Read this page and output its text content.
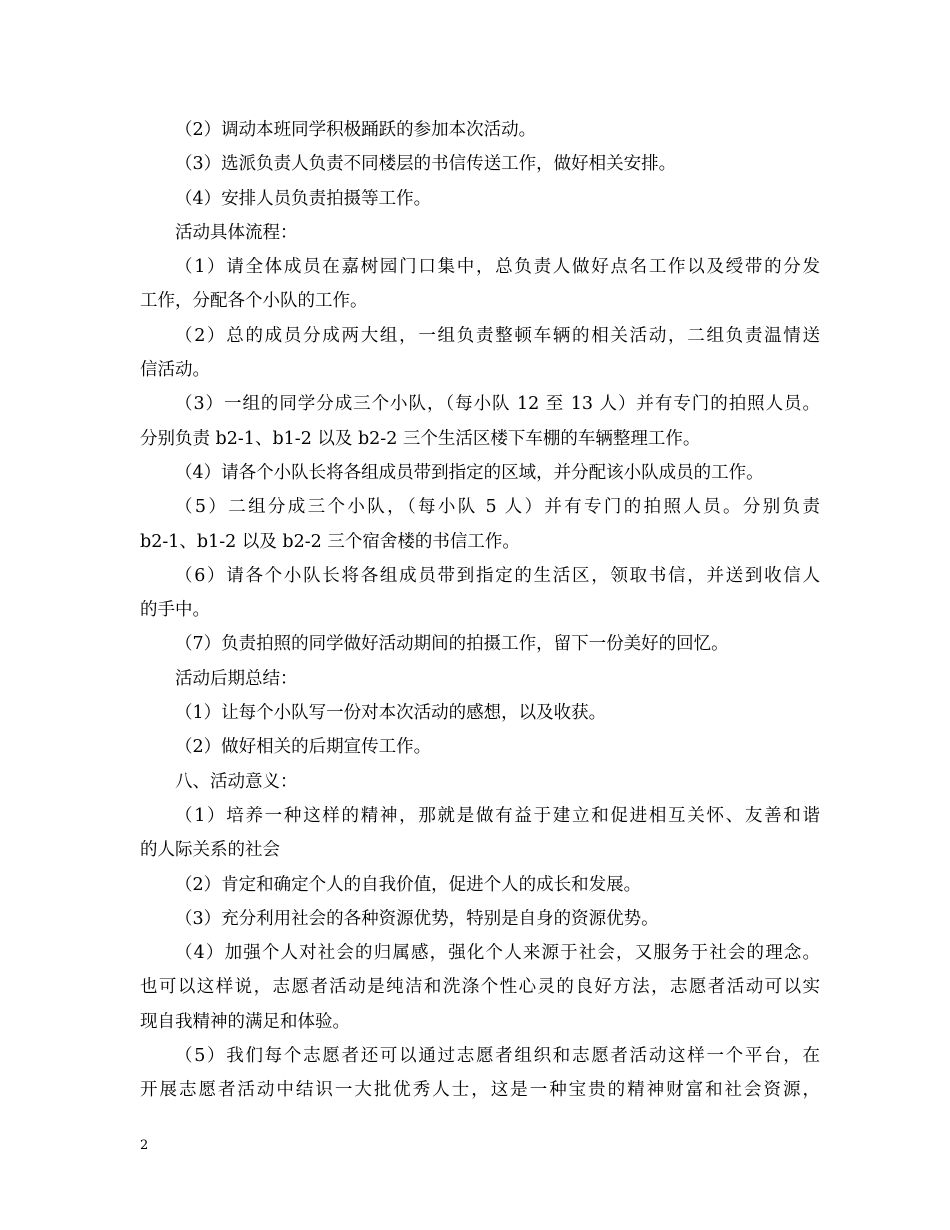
（2）调动本班同学积极踊跃的参加本次活动。
（3）选派负责人负责不同楼层的书信传送工作，做好相关安排。
（4）安排人员负责拍摄等工作。
活动具体流程：
（1）请全体成员在嘉树园门口集中，总负责人做好点名工作以及绶带的分发
工作，分配各个小队的工作。
（2）总的成员分成两大组，一组负责整顿车辆的相关活动，二组负责温情送
信活动。
（3）一组的同学分成三个小队，（每小队 12 至 13 人）并有专门的拍照人员。
分别负责 b2-1、b1-2 以及 b2-2 三个生活区楼下车棚的车辆整理工作。
（4）请各个小队长将各组成员带到指定的区域，并分配该小队成员的工作。
（5）二组分成三个小队，（每小队 5 人）并有专门的拍照人员。分别负责
b2-1、b1-2 以及 b2-2 三个宿舍楼的书信工作。
（6）请各个小队长将各组成员带到指定的生活区，领取书信，并送到收信人
的手中。
（7）负责拍照的同学做好活动期间的拍摄工作，留下一份美好的回忆。
活动后期总结：
（1）让每个小队写一份对本次活动的感想，以及收获。
（2）做好相关的后期宣传工作。
八、活动意义：
（1）培养一种这样的精神，那就是做有益于建立和促进相互关怀、友善和谐
的人际关系的社会
（2）肯定和确定个人的自我价值，促进个人的成长和发展。
（3）充分利用社会的各种资源优势，特别是自身的资源优势。
（4）加强个人对社会的归属感，强化个人来源于社会，又服务于社会的理念。
也可以这样说，志愿者活动是纯洁和洗涤个性心灵的良好方法，志愿者活动可以实
现自我精神的满足和体验。
（5）我们每个志愿者还可以通过志愿者组织和志愿者活动这样一个平台，在
开展志愿者活动中结识一大批优秀人士，这是一种宝贵的精神财富和社会资源，
2
